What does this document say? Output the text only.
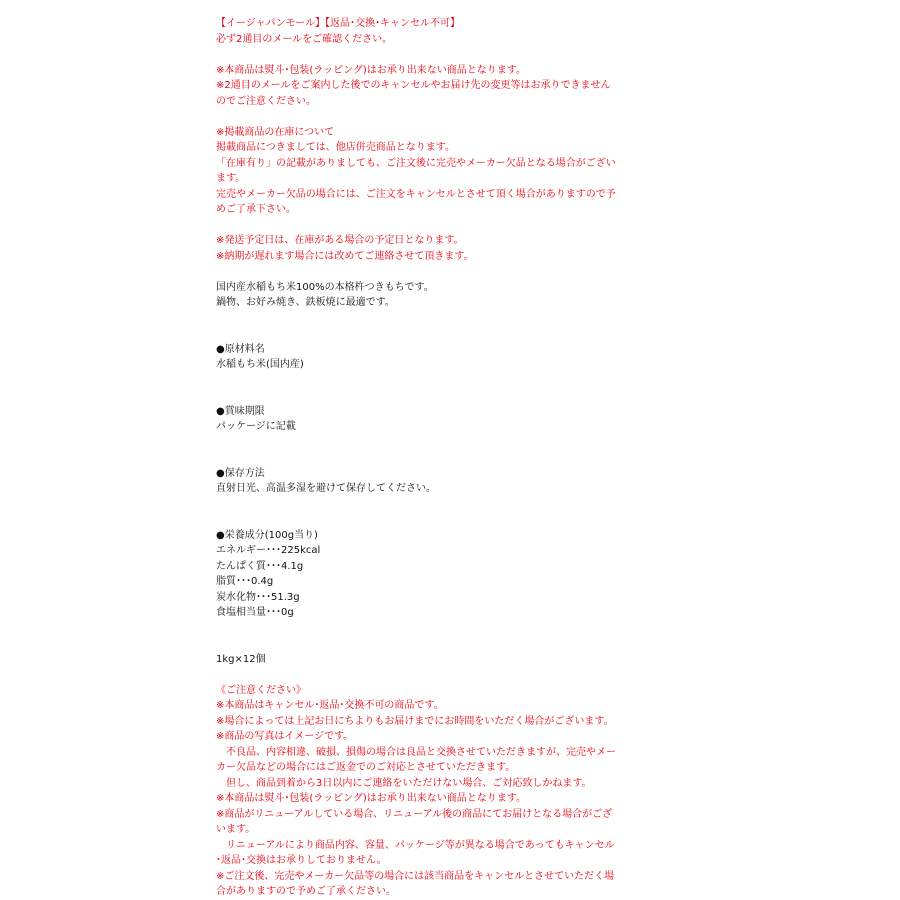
【イージャパンモール】【返品･交換･キャンセル不可】
必ず2通目のメールをご確認ください。
※本商品は熨斗･包装(ラッピング)はお承り出来ない商品となります。
※2通目のメールをご案内した後でのキャンセルやお届け先の変更等はお承りできません
のでご注意ください。
※掲載商品の在庫について
掲載商品につきましては、他店併売商品となります。
「在庫有り」の記載がありましても、ご注文後に完売やメーカー欠品となる場合がござい
ます。
完売やメーカー欠品の場合には、ご注文をキャンセルとさせて頂く場合がありますので予
めご了承下さい。
※発送予定日は、在庫がある場合の予定日となります。
※納期が遅れます場合には改めてご連絡させて頂きます。
国内産水稲もち米100%の本格杵つきもちです。
鍋物、お好み焼き、鉄板焼に最適です。
●原材料名
水稲もち米(国内産)
●賞味期限
パッケージに記載
●保存方法
直射日光、高温多湿を避けて保存してください。
●栄養成分(100g当り)
エネルギー･･･225kcal
たんぱく質･･･4.1g
脂質･･･0.4g
炭水化物･･･51.3g
食塩相当量･･･0g
1kg×12個
《ご注意ください》
※本商品はキャンセル･返品･交換不可の商品です。
※場合によっては上記お日にちよりもお届けまでにお時間をいただく場合がございます。
※商品の写真はイメージです。
　不良品、内容相違、破損、損傷の場合は良品と交換させていただきますが、完売やメー
カー欠品などの場合にはご返金でのご対応とさせていただきます。
　但し、商品到着から3日以内にご連絡をいただけない場合、ご対応致しかねます。
※本商品は熨斗･包装(ラッピング)はお承り出来ない商品となります。
※商品がリニューアルしている場合、リニューアル後の商品にてお届けとなる場合がござ
います。
　リニューアルにより商品内容、容量、パッケージ等が異なる場合であってもキャンセル
･返品･交換はお承りしておりません。
※ご注文後、完売やメーカー欠品等の場合には該当商品をキャンセルとさせていただく場
合がありますので予めご了承ください。
